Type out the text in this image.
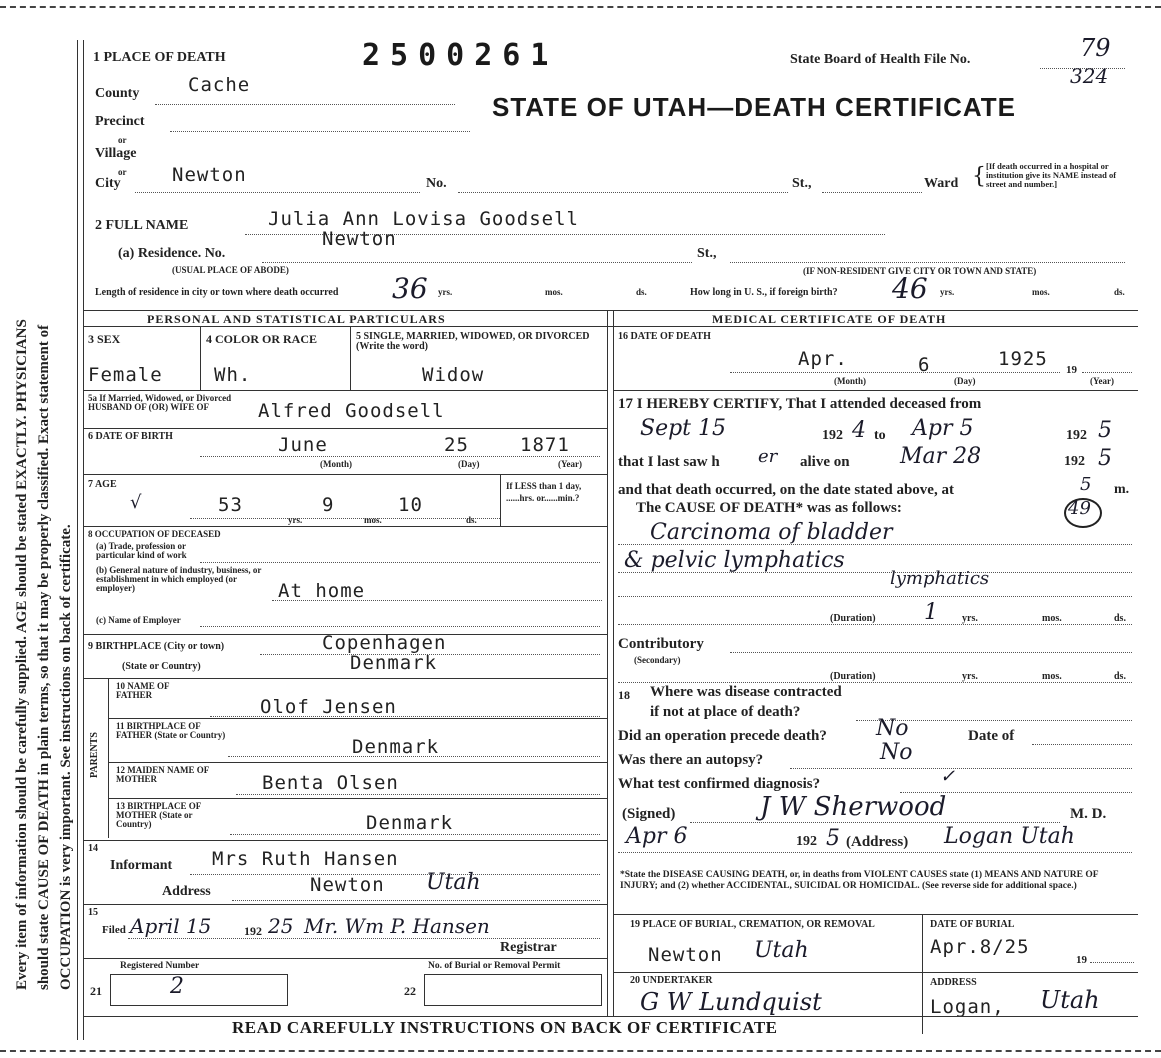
Every item of information should be carefully supplied. AGE should be stated EXACTLY. PHYSICIANS should state CAUSE OF DEATH in plain terms, so that it may be properly classified. Exact statement of OCCUPATION is very important. See instructions on back of certificate.
1 PLACE OF DEATH	2500261	State Board of Health File No.	79
324
STATE OF UTAH—DEATH CERTIFICATE
County	Cache
Precinct
or
Village
or
City	Newton	No.	St.,	Ward { [If death occurred in a hospital or institution give its NAME instead of street and number.]
2 FULL NAME	Julia Ann Lovisa Goodsell
(a) Residence. No.
Newton
(USUAL PLACE OF ABODE)
St.,
(IF NON-RESIDENT GIVE CITY OR TOWN AND STATE)
Length of residence in city or town where death occurred 36 yrs.	mos.	ds.	How long in U. S., if foreign birth? 46 yrs.	mos.	ds.
PERSONAL AND STATISTICAL PARTICULARS	MEDICAL CERTIFICATE OF DEATH
3 SEX
Female
4 COLOR OR RACE
Wh.
5 SINGLE, MARRIED, WIDOWED, OR DIVORCED (Write the word)
Widow
5a If Married, Widowed, or Divorced HUSBAND OF (OR) WIFE OF	Alfred Goodsell
6 DATE OF BIRTH	June	25	1871
(Month)	(Day)	(Year)
7 AGE
√	53	9	10
yrs.	mos.	ds.
If LESS than 1 day, ......hrs. or......min.?
8 OCCUPATION OF DECEASED
(a) Trade, profession or particular kind of work
(b) General nature of industry, business, or establishment in which employed (or employer)	At home
(c) Name of Employer
9 BIRTHPLACE (City or town)	Copenhagen
(State or Country)	Denmark
PARENTS
10 NAME OF FATHER
Olof Jensen
11 BIRTHPLACE OF FATHER (State or Country)
Denmark
12 MAIDEN NAME OF MOTHER	Benta Olsen
13 BIRTHPLACE OF MOTHER (State or Country)	Denmark
14
Informant Mrs Ruth Hansen
Address	Newton Utah
15
Filed April 15	192 25 Mr. Wm P. Hansen
Registrar
Registered Number	No. of Burial or Removal Permit
21	2	22
16 DATE OF DEATH
Apr.	6	1925 19
(Month)	(Day)	(Year)
17 I HEREBY CERTIFY, That I attended deceased from
Sept 15	192 4 to Apr 5	192 5
that I last saw h er alive on Mar 28	192 5
and that death occurred, on the date stated above, at	5 m.
The CAUSE OF DEATH* was as follows:	49
Carcinoma of bladder
& pelvic lymphatics
lymphatics
(Duration) 1 yrs.	mos.	ds.
Contributory
(Secondary)
(Duration)	yrs.	mos.	ds.
18 Where was disease contracted
if not at place of death?
Did an operation precede death? No	Date of
Was there an autopsy?	No
What test confirmed diagnosis?	✓
(Signed)	J W Sherwood	M. D.
Apr 6	192 5 (Address) Logan Utah
*State the DISEASE CAUSING DEATH, or, in deaths from VIOLENT CAUSES state (1) MEANS AND NATURE OF INJURY; and (2) whether ACCIDENTAL, SUICIDAL OR HOMICIDAL. (See reverse side for additional space.)
19 PLACE OF BURIAL, CREMATION, OR REMOVAL
Newton Utah
DATE OF BURIAL
Apr.8/25
19
20 UNDERTAKER
G W Lundquist
ADDRESS
Logan, Utah
READ CAREFULLY INSTRUCTIONS ON BACK OF CERTIFICATE
